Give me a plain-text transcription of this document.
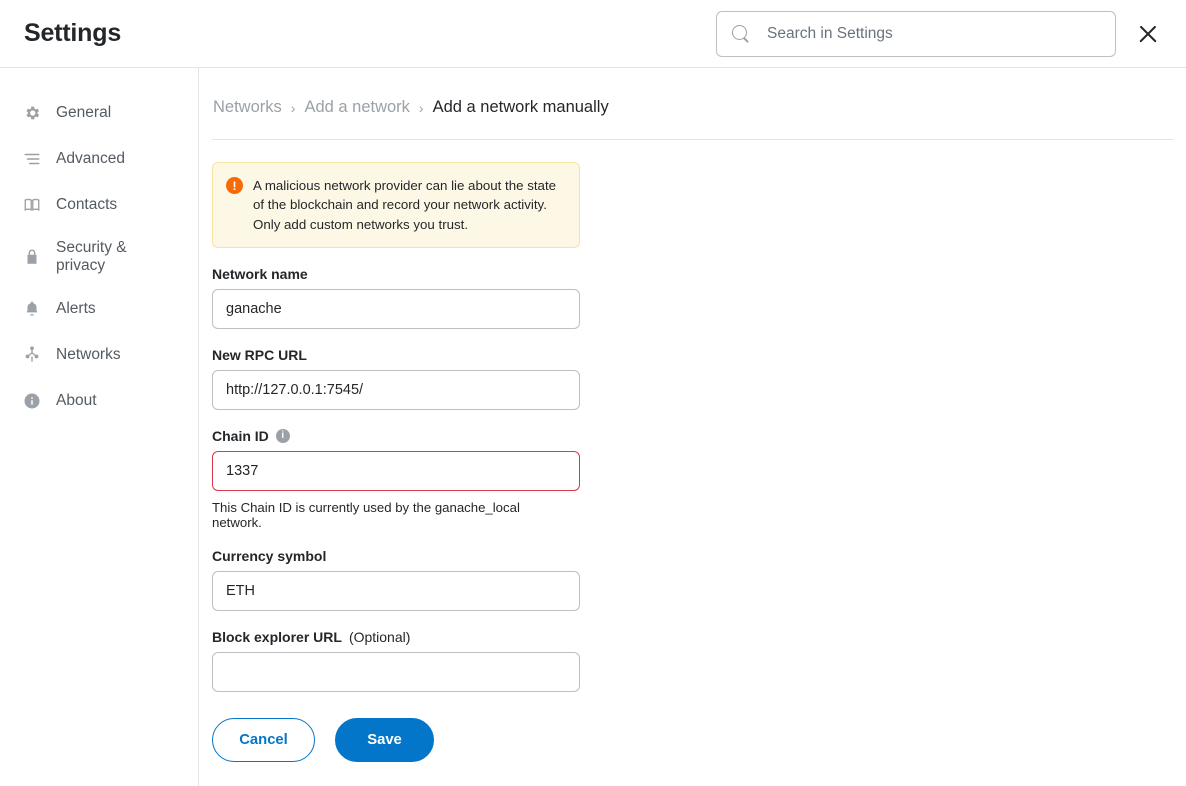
Settings
Search in Settings
General
Advanced
Contacts
Security & privacy
Alerts
Networks
About
Networks › Add a network › Add a network manually
!	A malicious network provider can lie about the state of the blockchain and record your network activity. Only add custom networks you trust.
Network name
ganache
New RPC URL
http://127.0.0.1:7545/
Chain ID	i
1337
This Chain ID is currently used by the ganache_local network.
Currency symbol
ETH
Block explorer URL (Optional)
Cancel	Save
